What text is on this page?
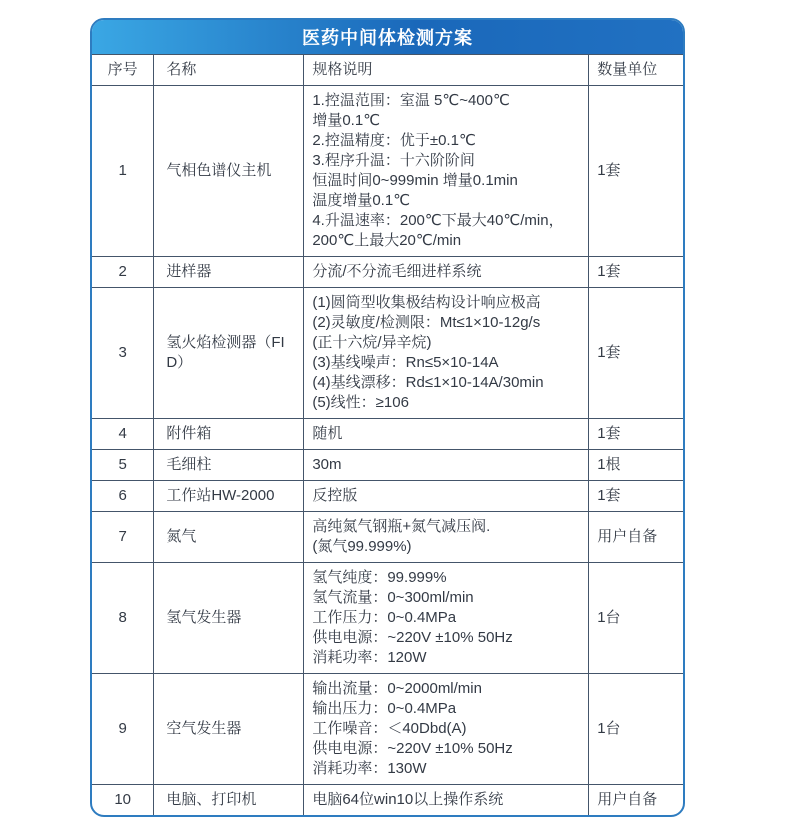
医药中间体检测方案
序号	名称	规格说明	数量单位
1	气相色谱仪主机	
1.控温范围：室温 5℃~400℃
增量0.1℃
2.控温精度：优于±0.1℃
3.程序升温：十六阶阶间
恒温时间0~999min 增量0.1min
温度增量0.1℃
4.升温速率：200℃下最大40℃/min，
200℃上最大20℃/min
	1套
2	进样器	分流/不分流毛细进样系统	1套
3	氢火焰检测器（FID）	
(1)圆筒型收集极结构设计响应极高
(2)灵敏度/检测限：Mt≤1×10-12g/s
(正十六烷/异辛烷)
(3)基线噪声：Rn≤5×10-14A
(4)基线漂移：Rd≤1×10-14A/30min
(5)线性：≥106
	1套
4	附件箱	随机	1套
5	毛细柱	30m	1根
6	工作站HW-2000	反控版	1套
7	氮气	高纯氮气钢瓶+氮气减压阀.
(氮气99.999%)	用户自备
8	氢气发生器	氢气纯度：99.999%
氢气流量：0~300ml/min
工作压力：0~0.4MPa
供电电源：~220V ±10% 50Hz
消耗功率：120W	1台
9	空气发生器	输出流量：0~2000ml/min
输出压力：0~0.4MPa
工作噪音：＜40Dbd(A)
供电电源：~220V ±10% 50Hz
消耗功率：130W	1台
10	电脑、打印机	电脑64位win10以上操作系统	用户自备
